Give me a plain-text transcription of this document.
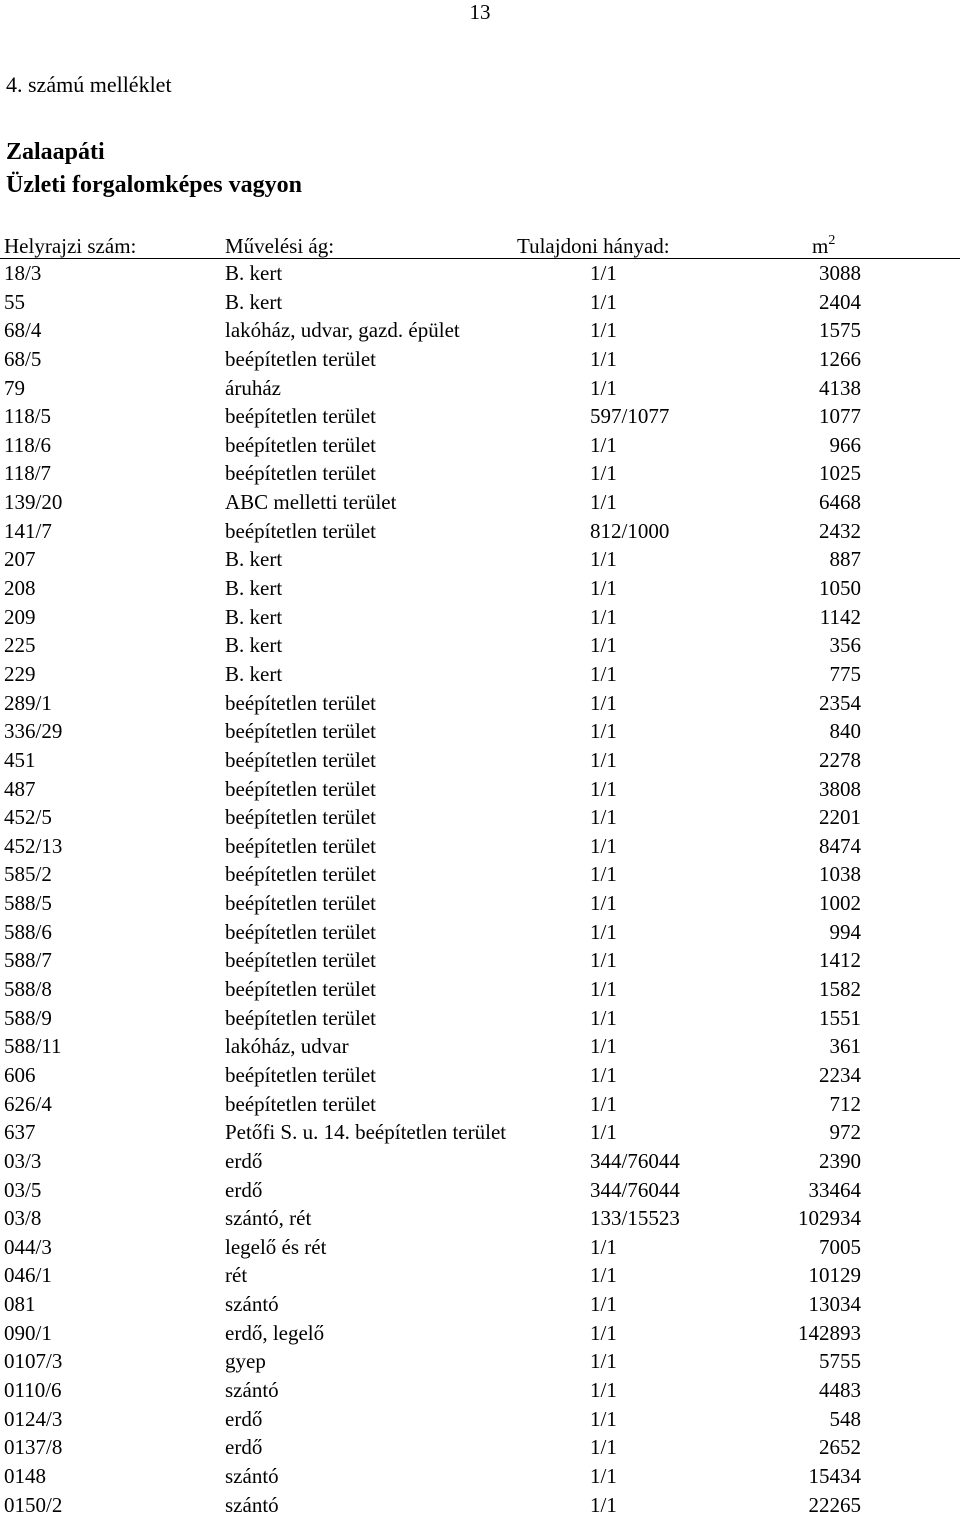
13
4. számú melléklet
Zalaapáti
Üzleti forgalomképes vagyon
Helyrajzi szám:	Művelési ág:	Tulajdoni hányad:	$m^2$
18/3	B. kert	1/1	3088
55	B. kert	1/1	2404
68/4	lakóház, udvar, gazd. épület	1/1	1575
68/5	beépítetlen terület	1/1	1266
79	áruház	1/1	4138
118/5	beépítetlen terület	597/1077	1077
118/6	beépítetlen terület	1/1	966
118/7	beépítetlen terület	1/1	1025
139/20	ABC melletti terület	1/1	6468
141/7	beépítetlen terület	812/1000	2432
207	B. kert	1/1	887
208	B. kert	1/1	1050
209	B. kert	1/1	1142
225	B. kert	1/1	356
229	B. kert	1/1	775
289/1	beépítetlen terület	1/1	2354
336/29	beépítetlen terület	1/1	840
451	beépítetlen terület	1/1	2278
487	beépítetlen terület	1/1	3808
452/5	beépítetlen terület	1/1	2201
452/13	beépítetlen terület	1/1	8474
585/2	beépítetlen terület	1/1	1038
588/5	beépítetlen terület	1/1	1002
588/6	beépítetlen terület	1/1	994
588/7	beépítetlen terület	1/1	1412
588/8	beépítetlen terület	1/1	1582
588/9	beépítetlen terület	1/1	1551
588/11	lakóház, udvar	1/1	361
606	beépítetlen terület	1/1	2234
626/4	beépítetlen terület	1/1	712
637	Petőfi S. u. 14. beépítetlen terület	1/1	972
03/3	erdő	344/76044	2390
03/5	erdő	344/76044	33464
03/8	szántó, rét	133/15523	102934
044/3	legelő és rét	1/1	7005
046/1	rét	1/1	10129
081	szántó	1/1	13034
090/1	erdő, legelő	1/1	142893
0107/3	gyep	1/1	5755
0110/6	szántó	1/1	4483
0124/3	erdő	1/1	548
0137/8	erdő	1/1	2652
0148	szántó	1/1	15434
0150/2	szántó	1/1	22265
